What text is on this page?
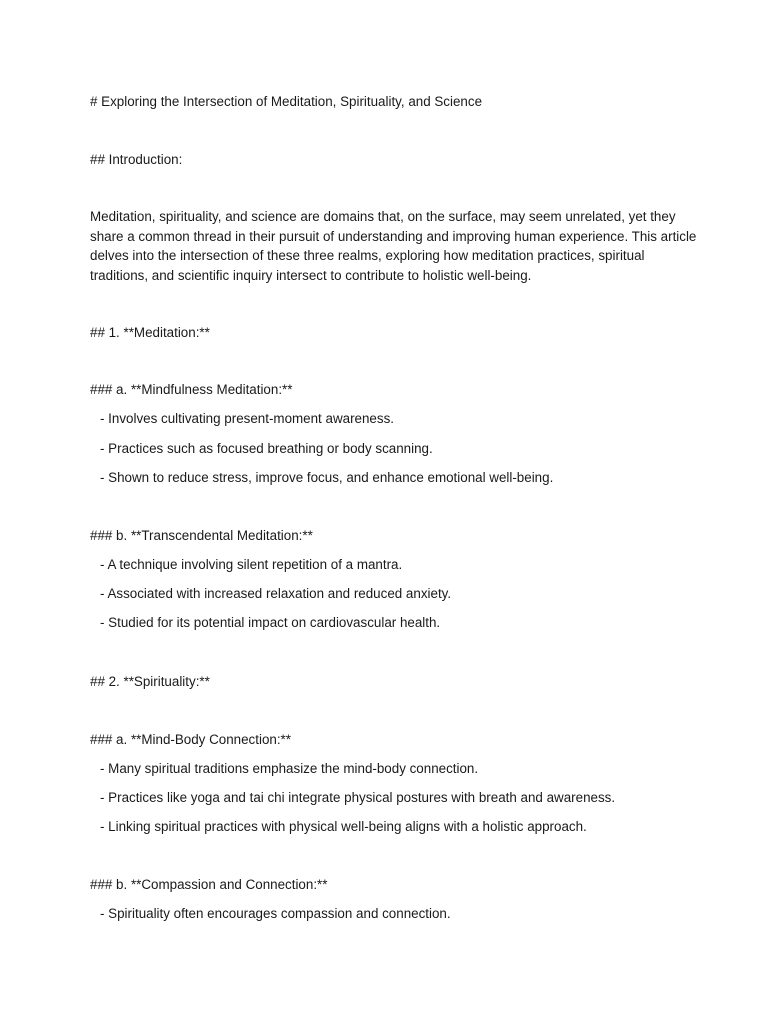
# Exploring the Intersection of Meditation, Spirituality, and Science
## Introduction:
Meditation, spirituality, and science are domains that, on the surface, may seem unrelated, yet they
share a common thread in their pursuit of understanding and improving human experience. This article
delves into the intersection of these three realms, exploring how meditation practices, spiritual
traditions, and scientific inquiry intersect to contribute to holistic well-being.
## 1. **Meditation:**
### a. **Mindfulness Meditation:**
- Involves cultivating present-moment awareness.
- Practices such as focused breathing or body scanning.
- Shown to reduce stress, improve focus, and enhance emotional well-being.
### b. **Transcendental Meditation:**
- A technique involving silent repetition of a mantra.
- Associated with increased relaxation and reduced anxiety.
- Studied for its potential impact on cardiovascular health.
## 2. **Spirituality:**
### a. **Mind-Body Connection:**
- Many spiritual traditions emphasize the mind-body connection.
- Practices like yoga and tai chi integrate physical postures with breath and awareness.
- Linking spiritual practices with physical well-being aligns with a holistic approach.
### b. **Compassion and Connection:**
- Spirituality often encourages compassion and connection.
